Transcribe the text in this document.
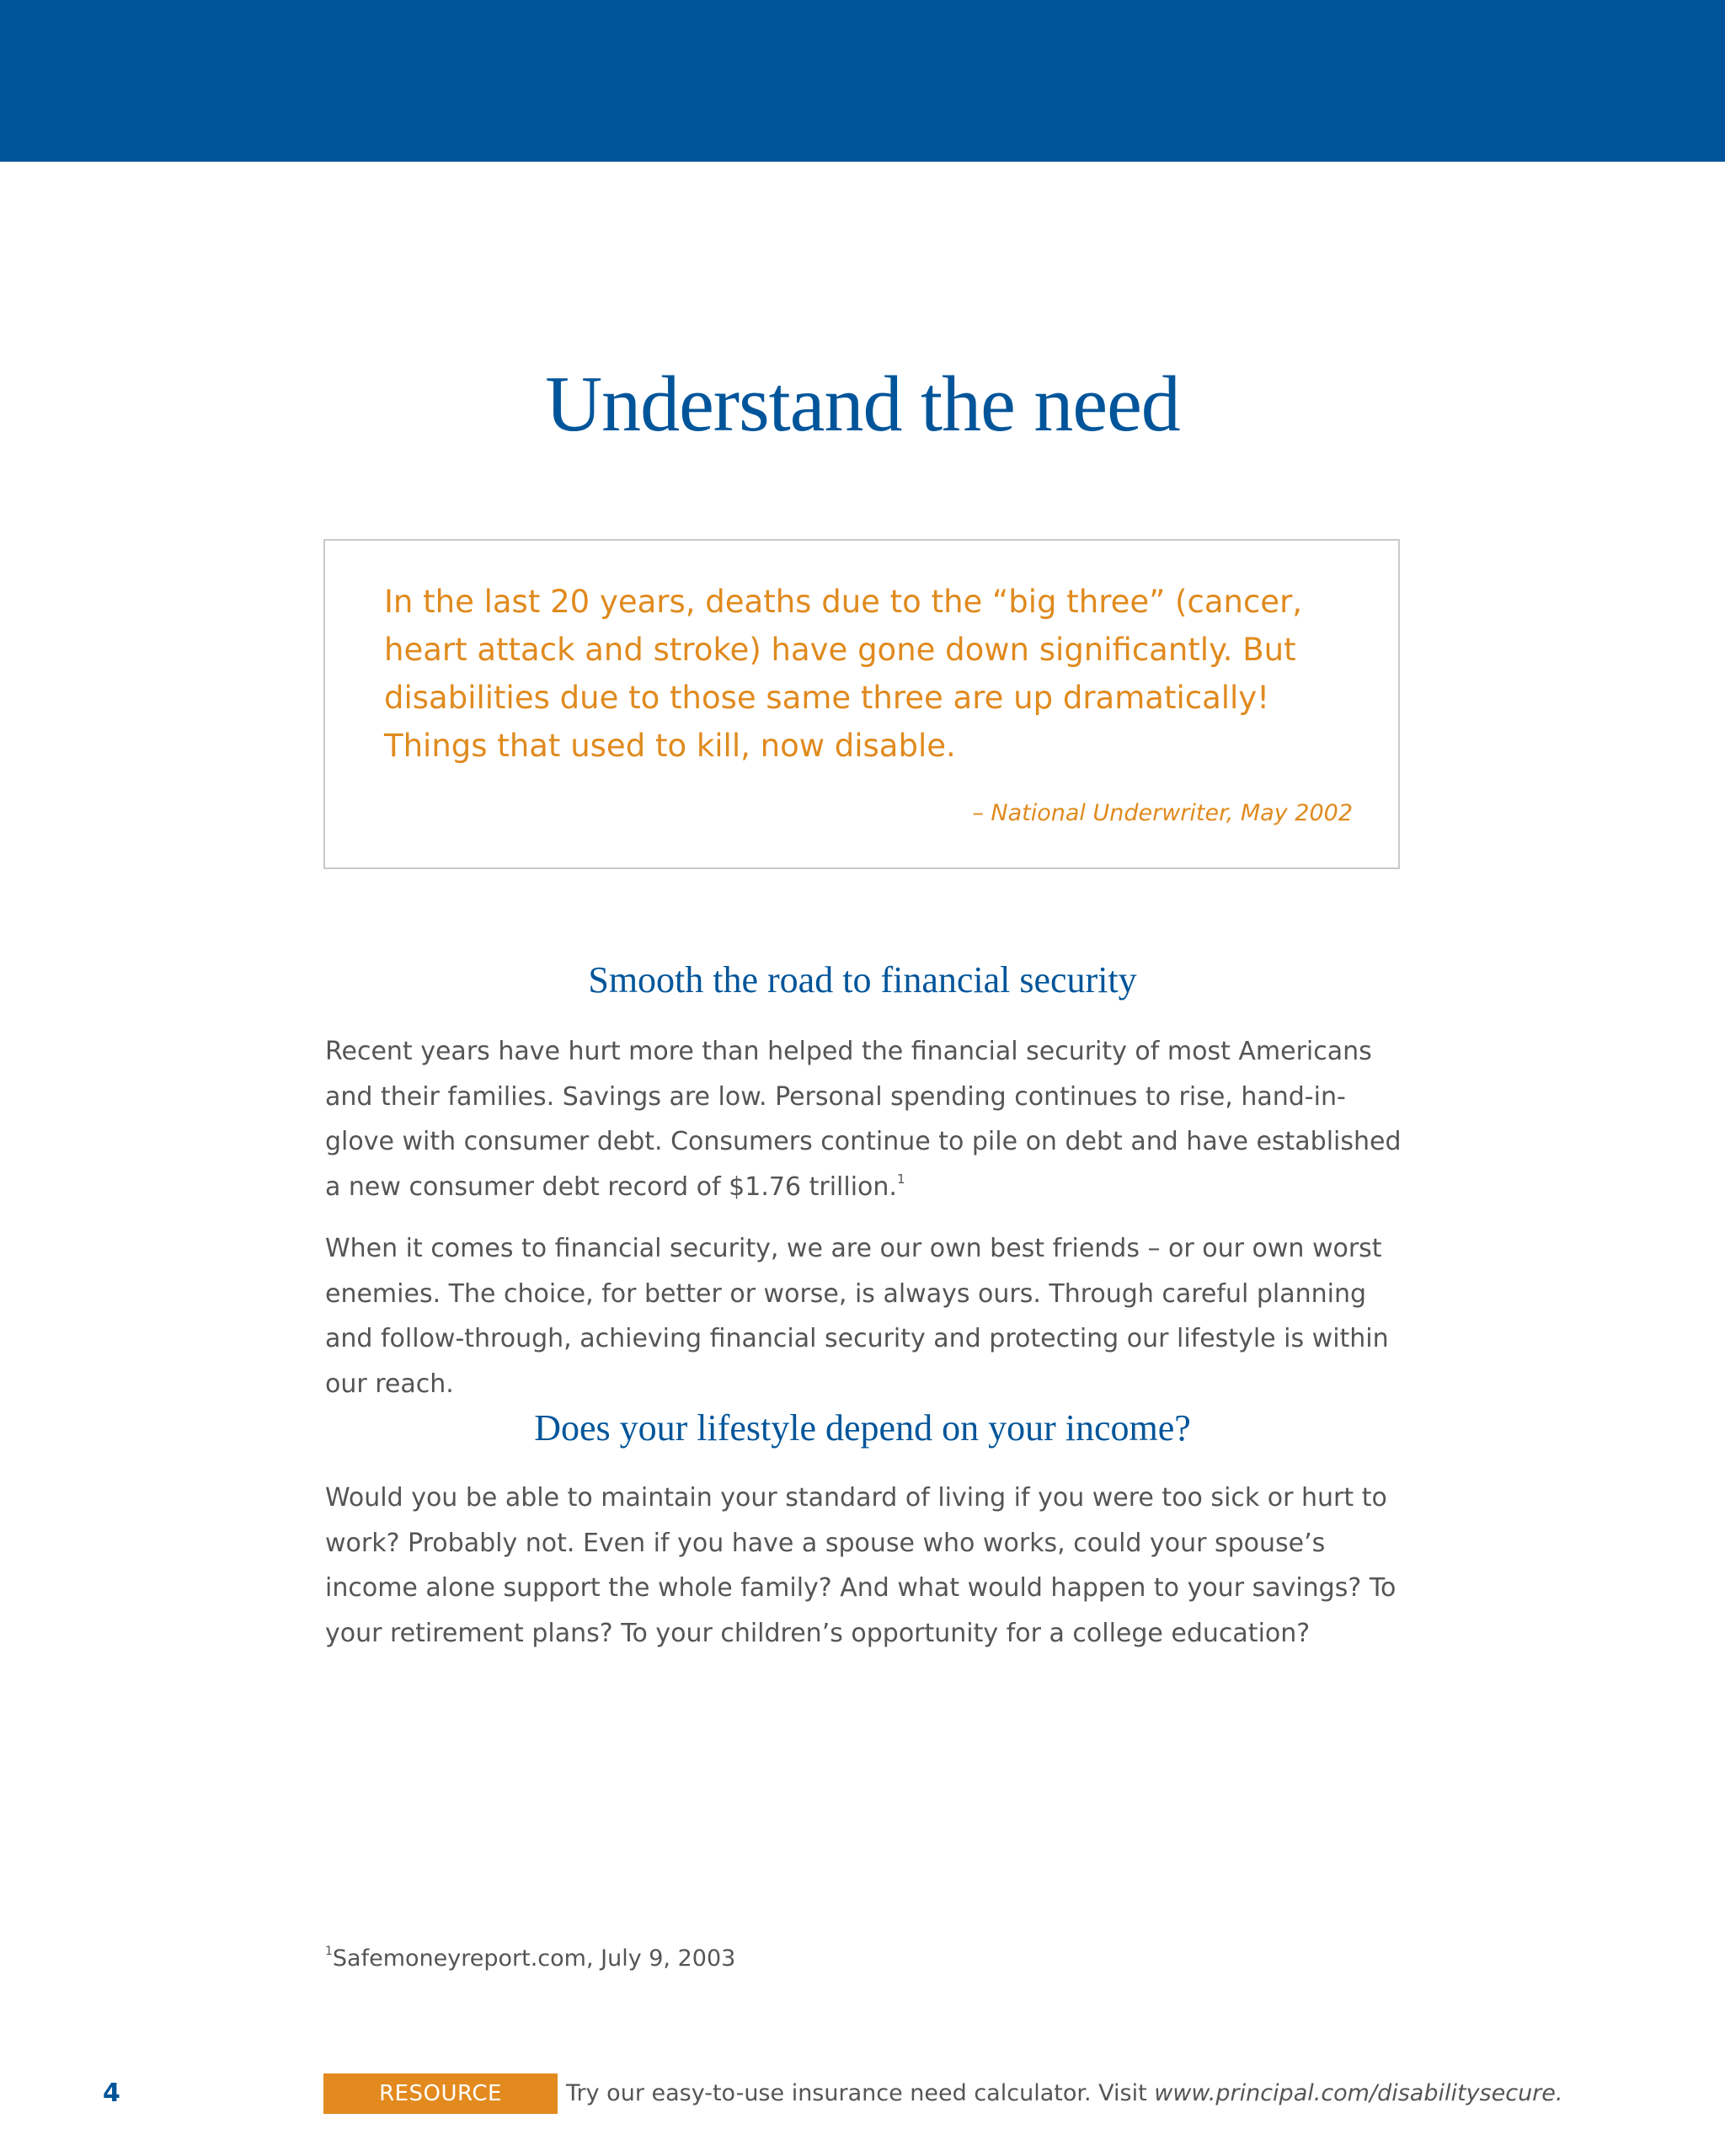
Understand the need

In the last 20 years, deaths due to the “big three” (cancer, heart attack and stroke) have gone down significantly. But disabilities due to those same three are up dramatically! Things that used to kill, now disable.

– National Underwriter, May 2002

Smooth the road to financial security

Recent years have hurt more than helped the financial security of most Americans and their families. Savings are low. Personal spending continues to rise, hand-in-glove with consumer debt. Consumers continue to pile on debt and have established a new consumer debt record of $1.76 trillion.$^1$

When it comes to financial security, we are our own best friends – or our own worst enemies. The choice, for better or worse, is always ours. Through careful planning and follow-through, achieving financial security and protecting our lifestyle is within our reach.

Does your lifestyle depend on your income?

Would you be able to maintain your standard of living if you were too sick or hurt to work? Probably not. Even if you have a spouse who works, could your spouse’s income alone support the whole family? And what would happen to your savings? To your retirement plans? To your children’s opportunity for a college education?

$^1$Safemoneyreport.com, July 9, 2003

4	RESOURCE	Try our easy-to-use insurance need calculator. Visit www.principal.com/disabilitysecure.
